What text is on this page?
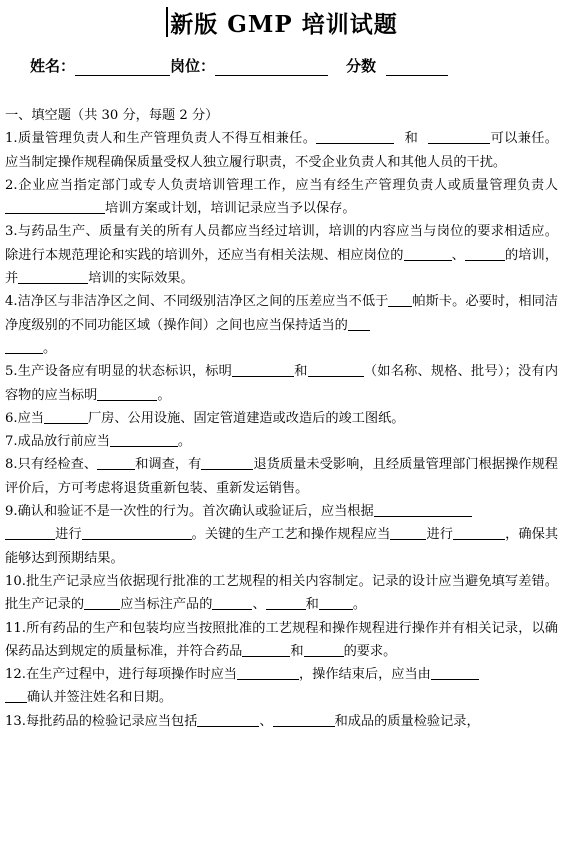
新版 GMP 培训试题
姓名：	岗位：	分数

一、填空题（共 30 分，每题 2 分）

1.质量管理负责人和生产管理负责人不得互相兼任。	和	可以兼任。应当制定操作规程确保质量受权人独立履行职责，不受企业负责人和其他人员的干扰。

2.企业应当指定部门或专人负责培训管理工作，应当有经生产管理负责人或质量管理负责人培训方案或计划，培训记录应当予以保存。

3.与药品生产、质量有关的所有人员都应当经过培训，培训的内容应当与岗位的要求相适应。除进行本规范理论和实践的培训外，还应当有相关法规、相应岗位的	、	的培训，并	培训的实际效果。

4.洁净区与非洁净区之间、不同级别洁净区之间的压差应当不低于 帕斯卡。必要时，相同洁净度级别的不同功能区域（操作间）之间也应当保持适当的
。

5.生产设备应有明显的状态标识，标明	和	（如名称、规格、批号）；没有内容物的应当标明	。

6.应当	厂房、公用设施、固定管道建造或改造后的竣工图纸。

7.成品放行前应当	。

8.只有经检查、	和调查，有	退货质量未受影响，且经质量管理部门根据操作规程评价后，方可考虑将退货重新包装、重新发运销售。

9.确认和验证不是一次性的行为。首次确认或验证后，应当根据
进行	。关键的生产工艺和操作规程应当	进行	，确保其能够达到预期结果。

10.批生产记录应当依据现行批准的工艺规程的相关内容制定。记录的设计应当避免填写差错。批生产记录的	应当标注产品的	、	和	。

11.所有药品的生产和包装均应当按照批准的工艺规程和操作规程进行操作并有相关记录，以确保药品达到规定的质量标准，并符合药品	和	的要求。

12.在生产过程中，进行每项操作时应当	，操作结束后，应当由
确认并签注姓名和日期。

13.每批药品的检验记录应当包括	、	和成品的质量检验记录，
